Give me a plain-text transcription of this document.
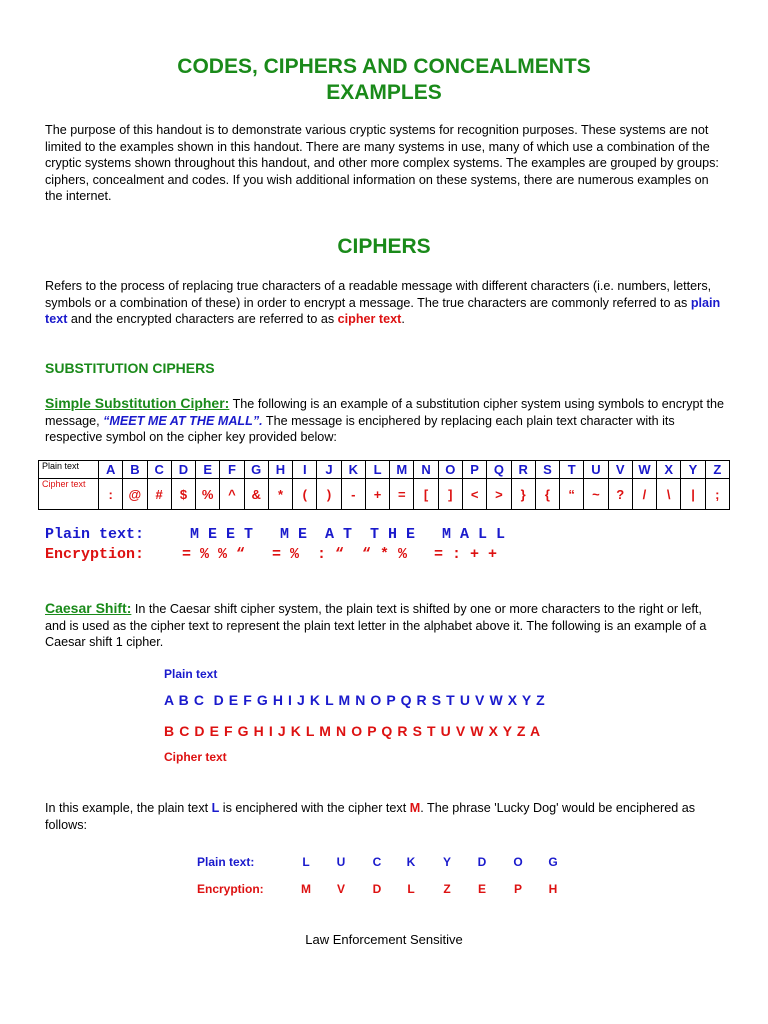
CODES, CIPHERS AND CONCEALMENTS
EXAMPLES

The purpose of this handout is to demonstrate various cryptic systems for recognition purposes. These systems are not limited to the examples shown in this handout. There are many systems in use, many of which use a combination of the cryptic systems shown throughout this handout, and other more complex systems. The examples are grouped by groups: ciphers, concealment and codes. If you wish additional information on these systems, there are numerous examples on the internet.

CIPHERS

Refers to the process of replacing true characters of a readable message with different characters (i.e. numbers, letters, symbols or a combination of these) in order to encrypt a message. The true characters are commonly referred to as plain text and the encrypted characters are referred to as cipher text.

SUBSTITUTION CIPHERS

Simple Substitution Cipher: The following is an example of a substitution cipher system using symbols to encrypt the message, “MEET ME AT THE MALL”. The message is enciphered by replacing each plain text character with its respective symbol on the cipher key provided below:

Plain text	A	B	C	D	E	F	G	H	I	J	K	L	M	N	O	P	Q	R	S	T	U	V	W	X	Y	Z
Cipher text	:	@	#	$	%	^	&	*	(	)	-	+	=	[	]	<	>	}	{	“	~	?	/	\	|	;
Plain text:	M E E T   M E  A T  T H E   M A L L
Encryption:	= % % “   = %  : “  “ * %   = : + +

Caesar Shift: In the Caesar shift cipher system, the plain text is shifted by one or more characters to the right or left, and is used as the cipher text to represent the plain text letter in the alphabet above it. The following is an example of a Caesar shift 1 cipher.

Plain text
A B C  D E F G H I J K L M N O P Q R S T U V W X Y Z
B C D E F G H I J K L M N O P Q R S T U V W X Y Z A
Cipher text

In this example, the plain text L is enciphered with the cipher text M. The phrase 'Lucky Dog' would be enciphered as follows:

Plain text:	L	U	C	K	Y	D	O	G
Encryption:	M	V	D	L	Z	E	P	H
Law Enforcement Sensitive
